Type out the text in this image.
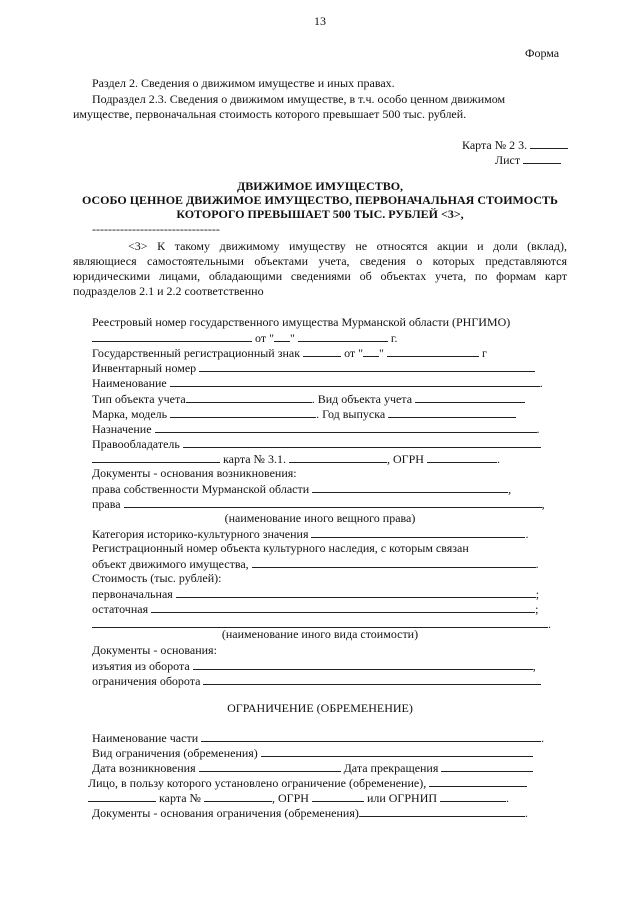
13
Форма
Раздел 2. Сведения о движимом имуществе и иных правах.
Подраздел 2.3. Сведения о движимом имуществе, в т.ч. особо ценном движимом
имуществе, первоначальная стоимость которого превышает 500 тыс. рублей.
Карта № 2 3.
Лист
ДВИЖИМОЕ ИМУЩЕСТВО,
ОСОБО ЦЕННОЕ ДВИЖИМОЕ ИМУЩЕСТВО, ПЕРВОНАЧАЛЬНАЯ СТОИМОСТЬ
КОТОРОГО ПРЕВЫШАЕТ 500 ТЫС. РУБЛЕЙ <3>,
--------------------------------
<3> К такому движимому имуществу не относятся акции и доли (вклад), являющиеся самостоятельными объектами учета, сведения о которых представляются юридическими лицами, обладающими сведениями об объектах учета, по формам карт подразделов 2.1 и 2.2 соответственно
Реестровый номер государственного имущества Мурманской области (РНГИМО)
от " "	г.
Государственный регистрационный знак	от " "	г
Инвентарный номер
Наименование	.
Тип объекта учета	. Вид объекта учета
Марка, модель	. Год выпуска
Назначение	.
Правообладатель
карта № 3.1.	, ОГРН	.
Документы - основания возникновения:
права собственности Мурманской области	,
права	,
(наименование иного вещного права)
Категория историко-культурного значения	.
Регистрационный номер объекта культурного наследия, с которым связан
объект движимого имущества,	.
Стоимость (тыс. рублей):
первоначальная	;
остаточная	;
.
(наименование иного вида стоимости)
Документы - основания:
изъятия из оборота	,
ограничения оборота
ОГРАНИЧЕНИЕ (ОБРЕМЕНЕНИЕ)
Наименование части	.
Вид ограничения (обременения)
Дата возникновения	Дата прекращения
Лицо, в пользу которого установлено ограничение (обременение),
карта №	, ОГРН	или ОГРНИП	.
Документы - основания ограничения (обременения)	.
